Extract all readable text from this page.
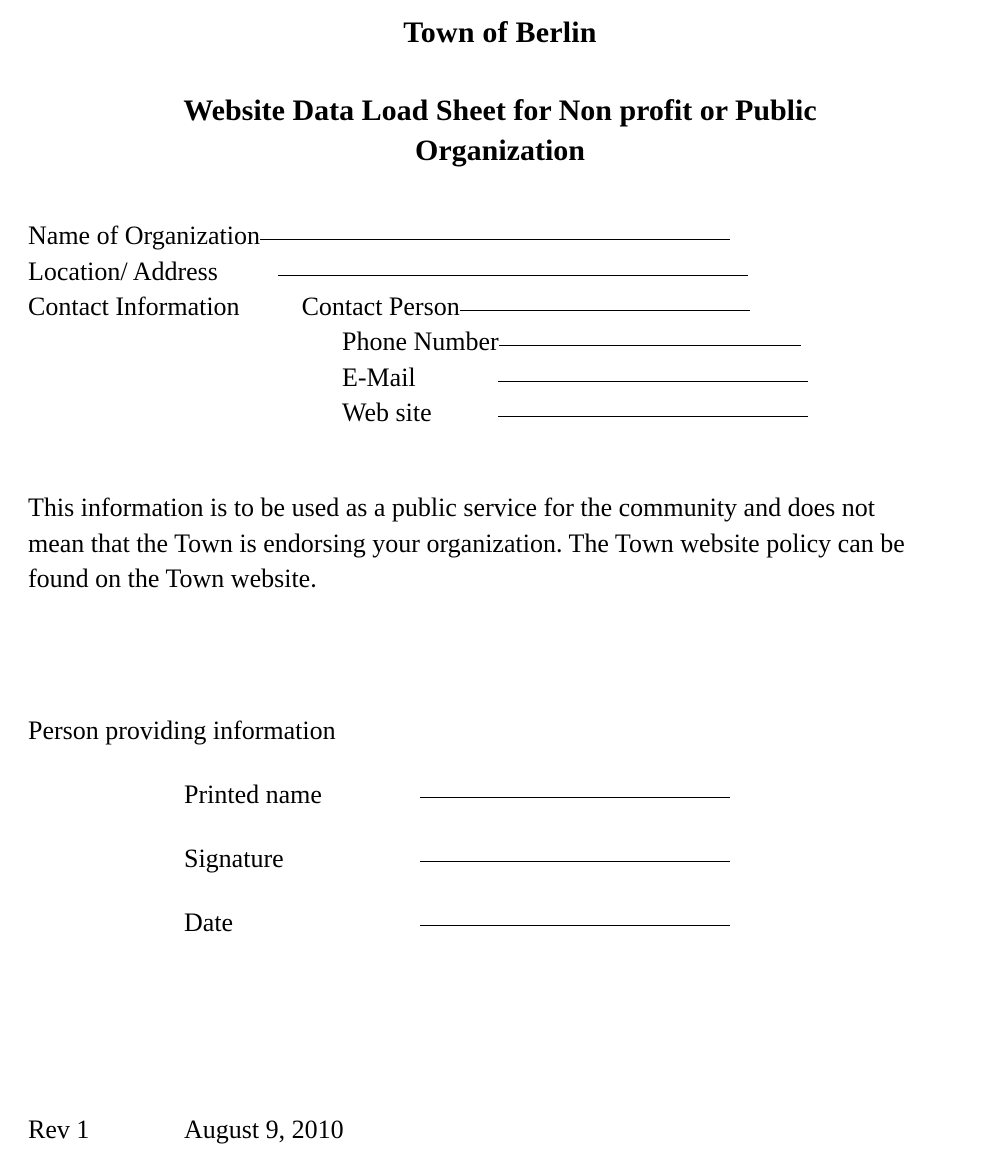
Town of Berlin
Website Data Load Sheet for Non profit or Public Organization
Name of Organization
Location/ Address
Contact Information Contact Person
Phone Number
E-Mail
Web site
This information is to be used as a public service for the community and does not mean that the Town is endorsing your organization. The Town website policy can be found on the Town website.
Person providing information
Printed name
Signature
Date
Rev 1	August 9, 2010
